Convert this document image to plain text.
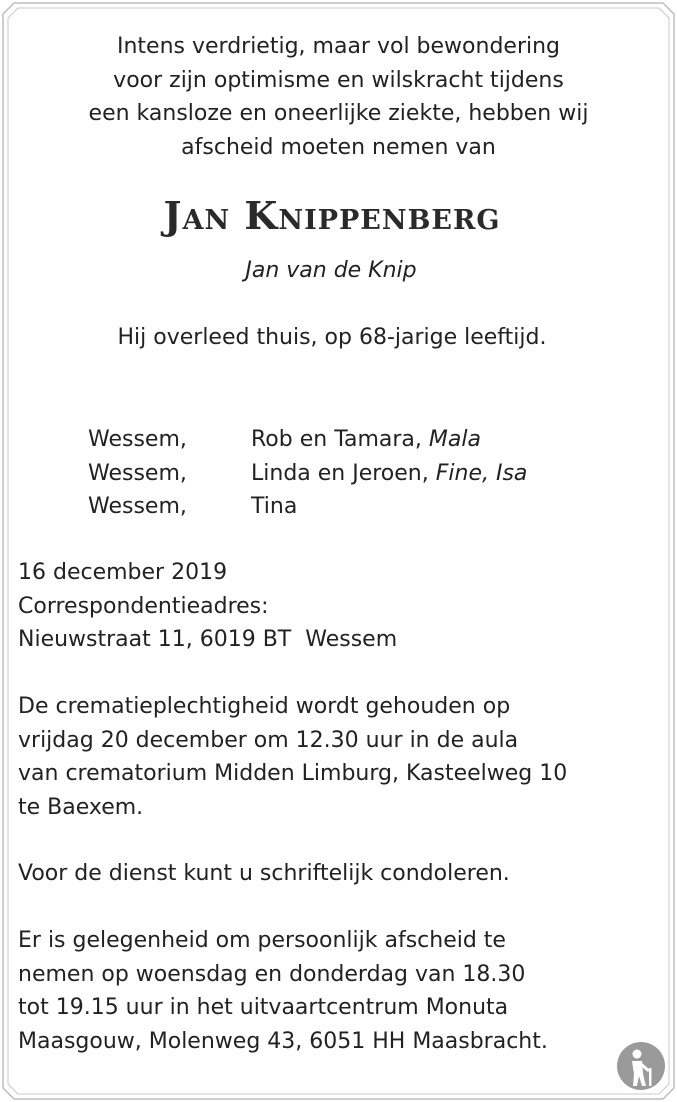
Intens verdrietig, maar vol bewondering
voor zijn optimisme en wilskracht tijdens
een kansloze en oneerlijke ziekte, hebben wij
afscheid moeten nemen van
Jan Knippenberg
Jan van de Knip
Hij overleed thuis, op 68-jarige leeftijd.
Wessem,	Rob en Tamara, Mala
Wessem,	Linda en Jeroen, Fine, Isa
Wessem,	Tina
16 december 2019
Correspondentieadres:
Nieuwstraat 11, 6019 BT  Wessem
De crematieplechtigheid wordt gehouden op
vrijdag 20 december om 12.30 uur in de aula
van crematorium Midden Limburg, Kasteelweg 10
te Baexem.
Voor de dienst kunt u schriftelijk condoleren.
Er is gelegenheid om persoonlijk afscheid te
nemen op woensdag en donderdag van 18.30
tot 19.15 uur in het uitvaartcentrum Monuta
Maasgouw, Molenweg 43, 6051 HH Maasbracht.
